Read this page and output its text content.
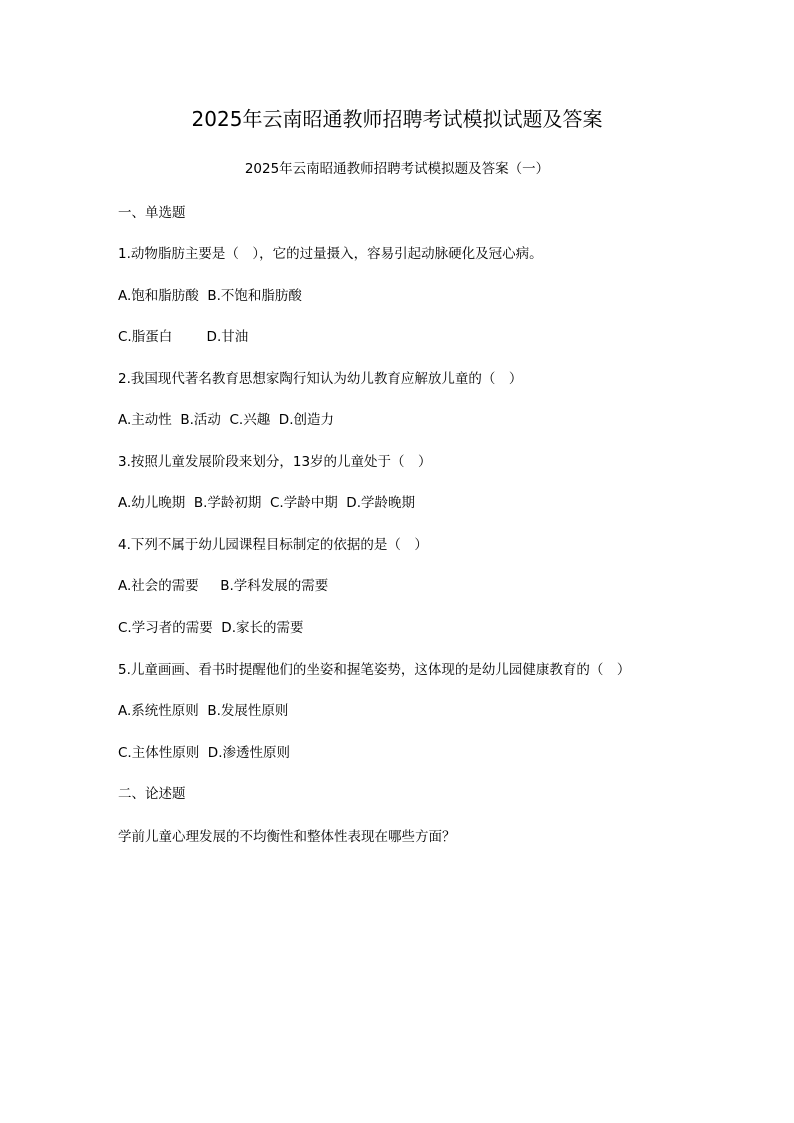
2025年云南昭通教师招聘考试模拟试题及答案
2025年云南昭通教师招聘考试模拟题及答案（一）
一、单选题
1.动物脂肪主要是（　），它的过量摄入，容易引起动脉硬化及冠心病。
A.饱和脂肪酸  B.不饱和脂肪酸
C.脂蛋白        D.甘油
2.我国现代著名教育思想家陶行知认为幼儿教育应解放儿童的（　）
A.主动性  B.活动  C.兴趣  D.创造力
3.按照儿童发展阶段来划分，13岁的儿童处于（　）
A.幼儿晚期  B.学龄初期  C.学龄中期  D.学龄晚期
4.下列不属于幼儿园课程目标制定的依据的是（　）
A.社会的需要     B.学科发展的需要
C.学习者的需要  D.家长的需要
5.儿童画画、看书时提醒他们的坐姿和握笔姿势，这体现的是幼儿园健康教育的（　）
A.系统性原则  B.发展性原则
C.主体性原则  D.渗透性原则
二、论述题
学前儿童心理发展的不均衡性和整体性表现在哪些方面？
